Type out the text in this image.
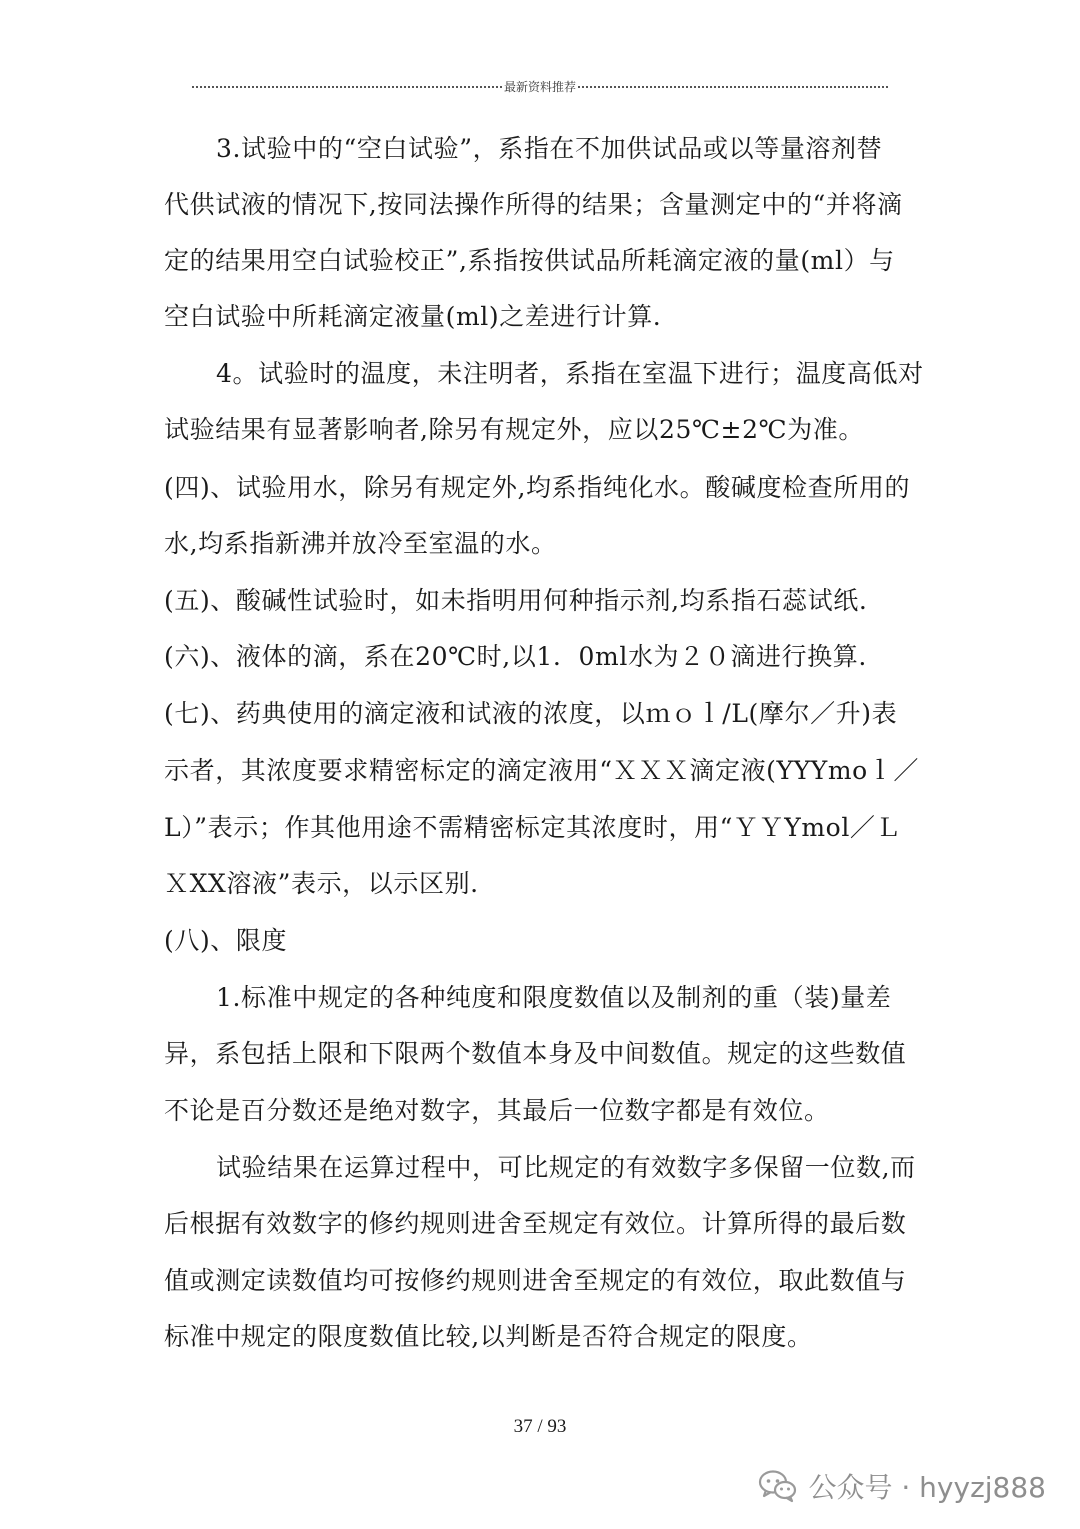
最新资料推荐
3.试验中的“空白试验”，系指在不加供试品或以等量溶剂替
代供试液的情况下,按同法操作所得的结果；含量测定中的“并将滴
定的结果用空白试验校正”,系指按供试品所耗滴定液的量(ml）与
空白试验中所耗滴定液量(ml)之差进行计算.
4。试验时的温度，未注明者，系指在室温下进行；温度高低对
试验结果有显著影响者,除另有规定外，应以25℃±2℃为准。
(四)、试验用水，除另有规定外,均系指纯化水。酸碱度检查所用的
水,均系指新沸并放冷至室温的水。
(五)、酸碱性试验时，如未指明用何种指示剂,均系指石蕊试纸.
(六)、液体的滴，系在20℃时,以1．0ml水为２０滴进行换算.
(七)、药典使用的滴定液和试液的浓度，以ｍｏｌ/L(摩尔／升)表
示者，其浓度要求精密标定的滴定液用“ＸＸＸ滴定液(YYYmoｌ／
L）”表示；作其他用途不需精密标定其浓度时，用“ＹＹYmol／Ｌ
ＸXX溶液”表示，以示区别.
(八)、限度
1.标准中规定的各种纯度和限度数值以及制剂的重（装)量差
异，系包括上限和下限两个数值本身及中间数值。规定的这些数值
不论是百分数还是绝对数字，其最后一位数字都是有效位。
试验结果在运算过程中，可比规定的有效数字多保留一位数,而
后根据有效数字的修约规则进舍至规定有效位。计算所得的最后数
值或测定读数值均可按修约规则进舍至规定的有效位，取此数值与
标准中规定的限度数值比较,以判断是否符合规定的限度。
37 / 93
公众号 · hyyzj888
